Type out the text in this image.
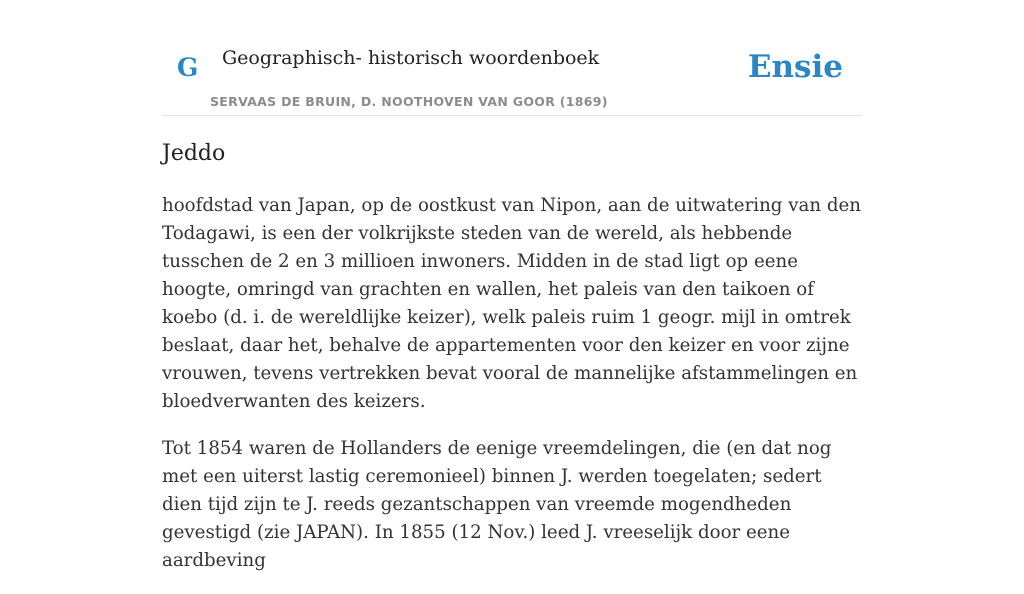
G Geographisch- historisch woordenboek
SERVAAS DE BRUIN, D. NOOTHOVEN VAN GOOR (1869)
Ensie
Jeddo

hoofdstad van Japan, op de oostkust van Nipon, aan de uitwatering van den Todagawi, is een der volkrijkste steden van de wereld, als hebbende tusschen de 2 en 3 millioen inwoners. Midden in de stad ligt op eene hoogte, omringd van grachten en wallen, het paleis van den taikoen of koebo (d. i. de wereldlijke keizer), welk paleis ruim 1 geogr. mijl in omtrek beslaat, daar het, behalve de appartementen voor den keizer en voor zijne vrouwen, tevens vertrekken bevat vooral de mannelijke afstammelingen en bloedverwanten des keizers.

Tot 1854 waren de Hollanders de eenige vreemdelingen, die (en dat nog met een uiterst lastig ceremonieel) binnen J. werden toegelaten; sedert dien tijd zijn te J. reeds gezantschappen van vreemde mogendheden gevestigd (zie JAPAN). In 1855 (12 Nov.) leed J. vreeselijk door eene aardbeving
